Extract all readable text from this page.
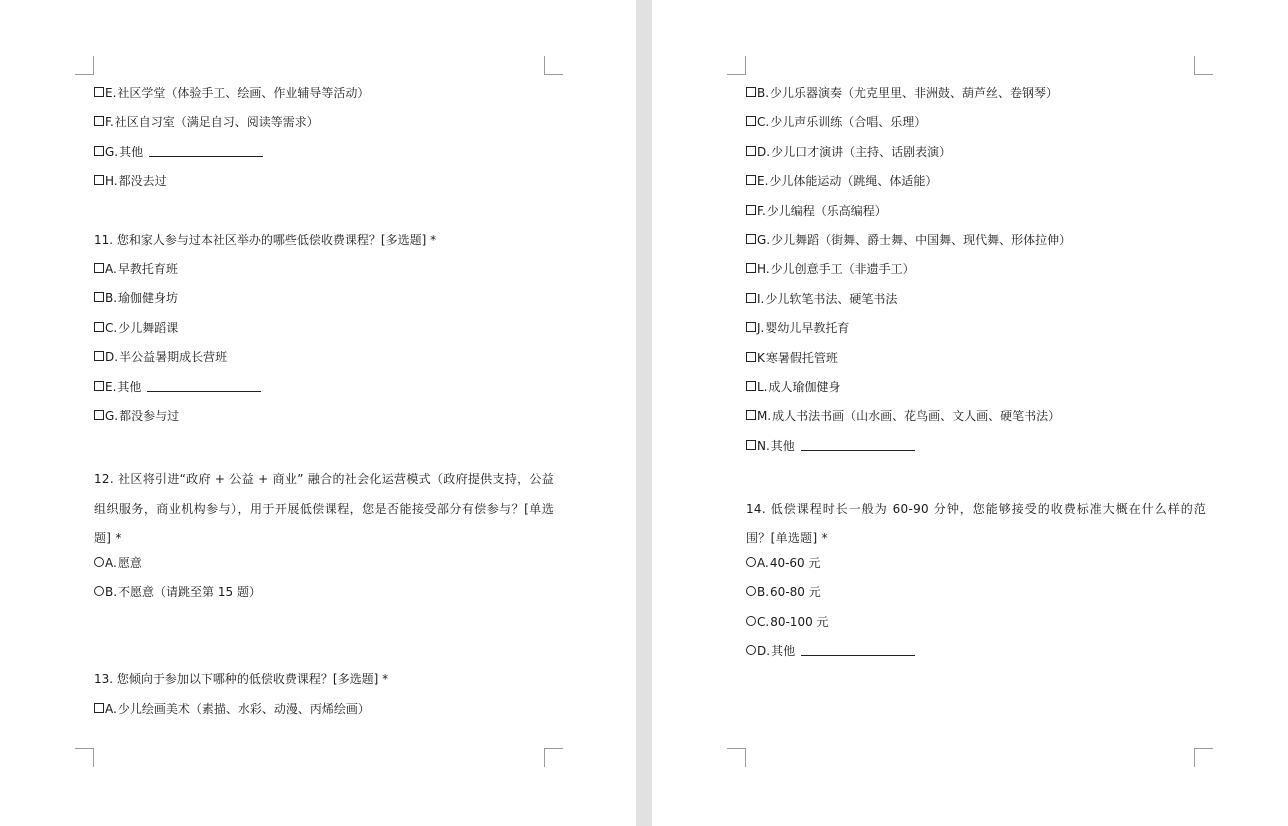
E.社区学堂（体验手工、绘画、作业辅导等活动）
F.社区自习室（满足自习、阅读等需求）
G.其他
H.都没去过
11. 您和家人参与过本社区举办的哪些低偿收费课程？[多选题] *
A.早教托育班
B.瑜伽健身坊
C.少儿舞蹈课
D.半公益暑期成长营班
E.其他
G.都没参与过
12. 社区将引进“政府 + 公益 + 商业” 融合的社会化运营模式（政府提供支持，公益组织服务，商业机构参与），用于开展低偿课程，您是否能接受部分有偿参与？[单选题] *
A.愿意
B.不愿意（请跳至第 15 题）
13. 您倾向于参加以下哪种的低偿收费课程？[多选题] *
A.少儿绘画美术（素描、水彩、动漫、丙烯绘画）
B.少儿乐器演奏（尤克里里、非洲鼓、葫芦丝、卷钢琴）
C.少儿声乐训练（合唱、乐理）
D.少儿口才演讲（主持、话剧表演）
E.少儿体能运动（跳绳、体适能）
F.少儿编程（乐高编程）
G.少儿舞蹈（街舞、爵士舞、中国舞、现代舞、形体拉伸）
H.少儿创意手工（非遗手工）
I.少儿软笔书法、硬笔书法
J.婴幼儿早教托育
K寒暑假托管班
L.成人瑜伽健身
M.成人书法书画（山水画、花鸟画、文人画、硬笔书法）
N.其他
14. 低偿课程时长一般为 60-90 分钟，您能够接受的收费标准大概在什么样的范围？[单选题] *
A.40-60 元
B.60-80 元
C.80-100 元
D.其他
